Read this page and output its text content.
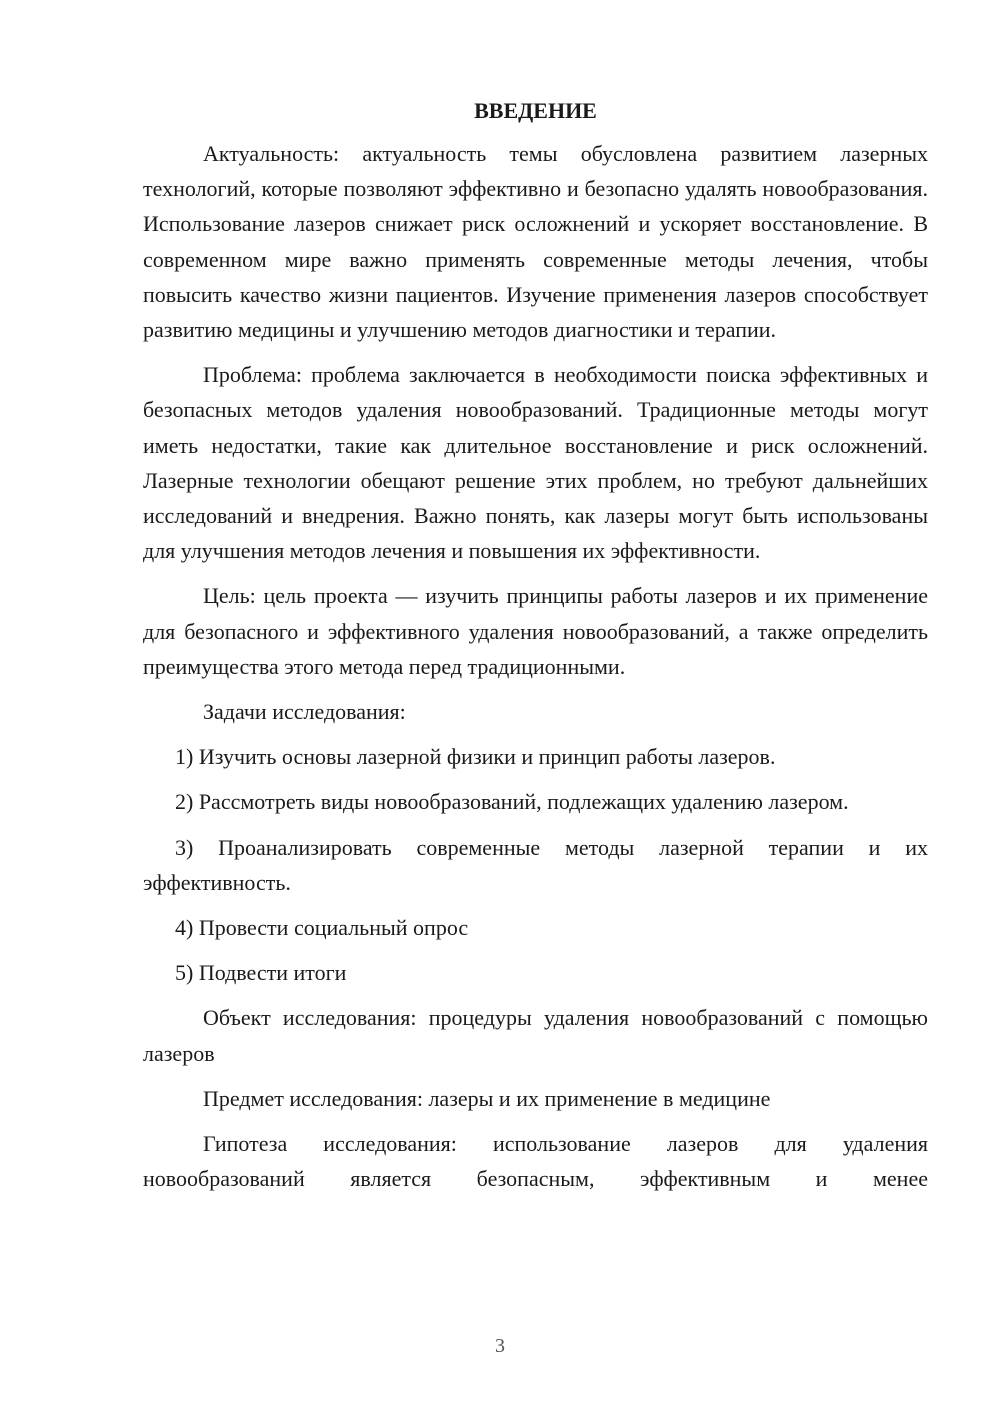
ВВЕДЕНИЕ

Актуальность: актуальность темы обусловлена развитием лазерных технологий, которые позволяют эффективно и безопасно удалять новообразования. Использование лазеров снижает риск осложнений и ускоряет восстановление. В современном мире важно применять современные методы лечения, чтобы повысить качество жизни пациентов. Изучение применения лазеров способствует развитию медицины и улучшению методов диагностики и терапии.

Проблема: проблема заключается в необходимости поиска эффективных и безопасных методов удаления новообразований. Традиционные методы могут иметь недостатки, такие как длительное восстановление и риск осложнений. Лазерные технологии обещают решение этих проблем, но требуют дальнейших исследований и внедрения. Важно понять, как лазеры могут быть использованы для улучшения методов лечения и повышения их эффективности.

Цель: цель проекта — изучить принципы работы лазеров и их применение для безопасного и эффективного удаления новообразований, а также определить преимущества этого метода перед традиционными.

Задачи исследования:

1) Изучить основы лазерной физики и принцип работы лазеров.

2) Рассмотреть виды новообразований, подлежащих удалению лазером.

3) Проанализировать современные методы лазерной терапии и их эффективность.

4) Провести социальный опрос

5) Подвести итоги

Объект исследования: процедуры удаления новообразований с помощью лазеров

Предмет исследования: лазеры и их применение в медицине

Гипотеза исследования: использование лазеров для удаления новообразований является безопасным, эффективным и менее

3
